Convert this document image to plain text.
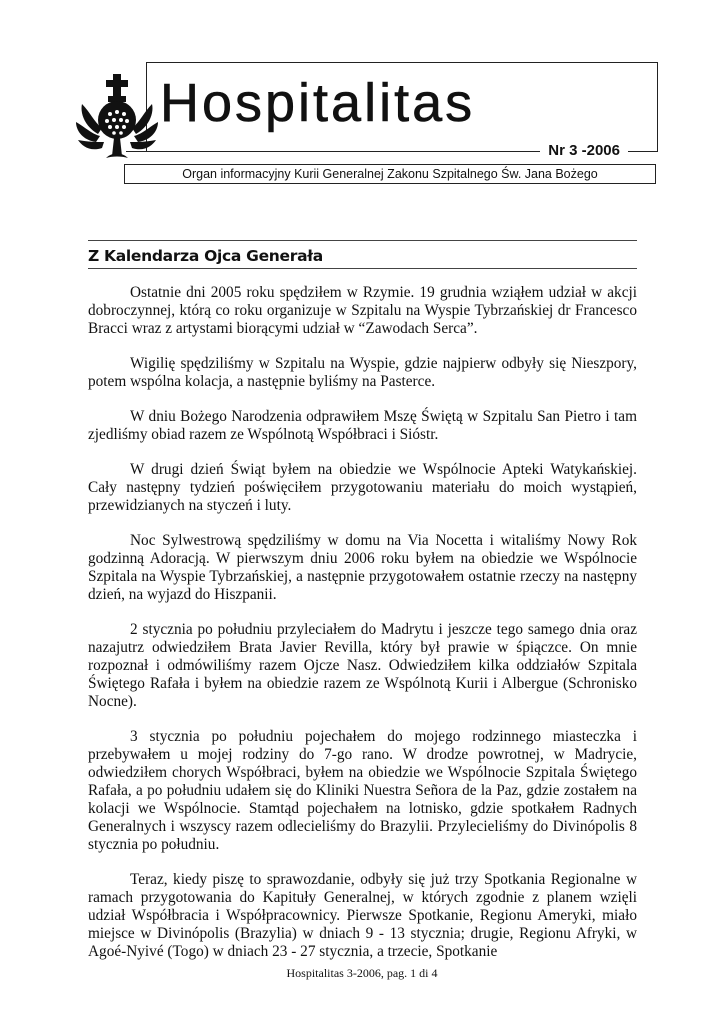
Hospitalitas
Nr 3 -2006
Organ informacyjny Kurii Generalnej Zakonu Szpitalnego Św. Jana Bożego
Z Kalendarza Ojca Generała

Ostatnie dni 2005 roku spędziłem w Rzymie. 19 grudnia wziąłem udział w akcji dobroczynnej, którą co roku organizuje w Szpitalu na Wyspie Tybrzańskiej dr Francesco Bracci wraz z artystami biorącymi udział w “Zawodach Serca”.

Wigilię spędziliśmy w Szpitalu na Wyspie, gdzie najpierw odbyły się Nieszpory, potem wspólna kolacja, a następnie byliśmy na Pasterce.

W dniu Bożego Narodzenia odprawiłem Mszę Świętą w Szpitalu San Pietro i tam zjedliśmy obiad razem ze Wspólnotą Współbraci i Sióstr.

W drugi dzień Świąt byłem na obiedzie we Wspólnocie Apteki Watykańskiej. Cały następny tydzień poświęciłem przygotowaniu materiału do moich wystąpień, przewidzianych na styczeń i luty.

Noc Sylwestrową spędziliśmy w domu na Via Nocetta i witaliśmy Nowy Rok godzinną Adoracją. W pierwszym dniu 2006 roku byłem na obiedzie we Wspólnocie Szpitala na Wyspie Tybrzańskiej, a następnie przygotowałem ostatnie rzeczy na następny dzień, na wyjazd do Hiszpanii.

2 stycznia po południu przyleciałem do Madrytu i jeszcze tego samego dnia oraz nazajutrz odwiedziłem Brata Javier Revilla, który był prawie w śpiączce. On mnie rozpoznał i odmówiliśmy razem Ojcze Nasz. Odwiedziłem kilka oddziałów Szpitala Świętego Rafała i byłem na obiedzie razem ze Wspólnotą Kurii i Albergue (Schronisko Nocne).

3 stycznia po południu pojechałem do mojego rodzinnego miasteczka i przebywałem u mojej rodziny do 7-go rano. W drodze powrotnej, w Madrycie, odwiedziłem chorych Współbraci, byłem na obiedzie we Wspólnocie Szpitala Świętego Rafała, a po południu udałem się do Kliniki Nuestra Señora de la Paz, gdzie zostałem na kolacji we Wspólnocie. Stamtąd pojechałem na lotnisko, gdzie spotkałem Radnych Generalnych i wszyscy razem odlecieliśmy do Brazylii. Przylecieliśmy do Divinópolis 8 stycznia po południu.

Teraz, kiedy piszę to sprawozdanie, odbyły się już trzy Spotkania Regionalne w ramach przygotowania do Kapituły Generalnej, w których zgodnie z planem wzięli udział Współbracia i Współpracownicy. Pierwsze Spotkanie, Regionu Ameryki, miało miejsce w Divinópolis (Brazylia) w dniach 9 - 13 stycznia; drugie, Regionu Afryki, w Agoé-Nyivé (Togo) w dniach 23 - 27 stycznia, a trzecie, Spotkanie

Hospitalitas 3-2006, pag. 1 di 4
